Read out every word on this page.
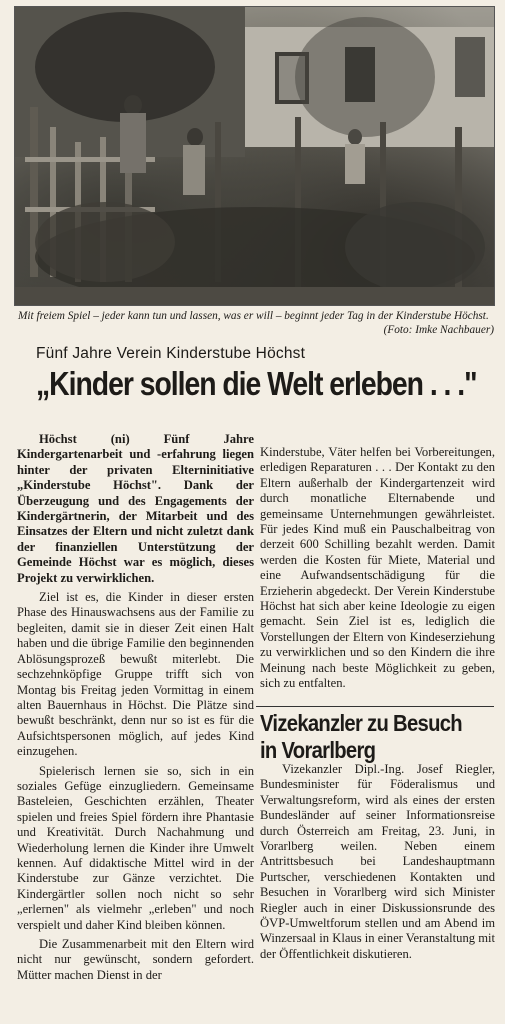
Mit freiem Spiel – jeder kann tun und lassen, was er will – beginnt jeder Tag in der Kinderstube Höchst.
(Foto: Imke Nachbauer)
Fünf Jahre Verein Kinderstube Höchst
„Kinder sollen die Welt erleben . . ."

Höchst (ni) Fünf Jahre Kindergartenarbeit und -erfahrung liegen hinter der privaten Elterninitiative „Kinderstube Höchst". Dank der Überzeugung und des Engagements der Kindergärtnerin, der Mitarbeit und des Einsatzes der Eltern und nicht zuletzt dank der finanziellen Unterstützung der Gemeinde Höchst war es möglich, dieses Projekt zu verwirklichen.

Ziel ist es, die Kinder in dieser ersten Phase des Hinauswachsens aus der Familie zu begleiten, damit sie in dieser Zeit einen Halt haben und die übrige Familie den beginnenden Ablösungsprozeß bewußt miterlebt. Die sechzehnköpfige Gruppe trifft sich von Montag bis Freitag jeden Vormittag in einem alten Bauernhaus in Höchst. Die Plätze sind bewußt beschränkt, denn nur so ist es für die Aufsichtspersonen möglich, auf jedes Kind einzugehen.

Spielerisch lernen sie so, sich in ein soziales Gefüge einzugliedern. Gemeinsame Basteleien, Geschichten erzählen, Theater spielen und freies Spiel fördern ihre Phantasie und Kreativität. Durch Nachahmung und Wiederholung lernen die Kinder ihre Umwelt kennen. Auf didaktische Mittel wird in der Kinderstube zur Gänze verzichtet. Die Kindergärtler sollen noch nicht so sehr „erlernen" als vielmehr „erleben" und noch verspielt und daher Kind bleiben können.

Die Zusammenarbeit mit den Eltern wird nicht nur gewünscht, sondern gefordert. Mütter machen Dienst in der

Kinderstube, Väter helfen bei Vorbereitungen, erledigen Reparaturen . . . Der Kontakt zu den Eltern außerhalb der Kindergartenzeit wird durch monatliche Elternabende und gemeinsame Unternehmungen gewährleistet. Für jedes Kind muß ein Pauschalbeitrag von derzeit 600 Schilling bezahlt werden. Damit werden die Kosten für Miete, Material und eine Aufwandsentschädigung für die Erzieherin abgedeckt. Der Verein Kinderstube Höchst hat sich aber keine Ideologie zu eigen gemacht. Sein Ziel ist es, lediglich die Vorstellungen der Eltern von Kindeserziehung zu verwirklichen und so den Kindern die ihre Meinung nach beste Möglichkeit zu geben, sich zu entfalten.

Vizekanzler zu Besuch
in Vorarlberg

Vizekanzler Dipl.-Ing. Josef Riegler, Bundesminister für Föderalismus und Verwaltungsreform, wird als eines der ersten Bundesländer auf seiner Informationsreise durch Österreich am Freitag, 23. Juni, in Vorarlberg weilen. Neben einem Antrittsbesuch bei Landeshauptmann Purtscher, verschiedenen Kontakten und Besuchen in Vorarlberg wird sich Minister Riegler auch in einer Diskussionsrunde des ÖVP-Umweltforum stellen und am Abend im Winzersaal in Klaus in einer Veranstaltung mit der Öffentlichkeit diskutieren.
